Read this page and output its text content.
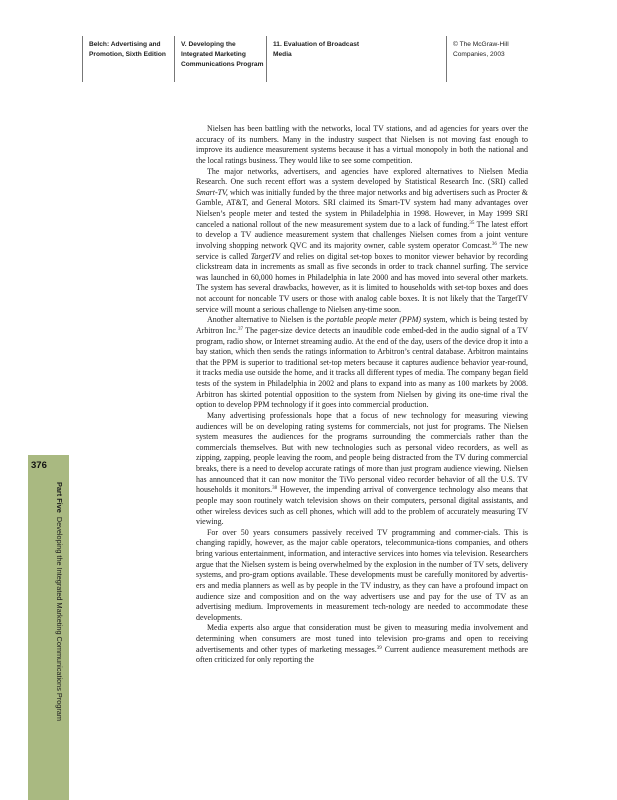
Belch: Advertising and
Promotion, Sixth Edition
V. Developing the
Integrated Marketing
Communications Program
11. Evaluation of Broadcast
Media
© The McGraw-Hill
Companies, 2003
376
Part Five  Developing the Integrated Marketing Communications Program

Nielsen has been battling with the networks, local TV stations, and ad agencies for years over the accuracy of its numbers. Many in the industry suspect that Nielsen is not moving fast enough to improve its audience measurement systems because it has a virtual monopoly in both the national and the local ratings business. They would like to see some competition.

The major networks, advertisers, and agencies have explored alternatives to Nielsen Media Research. One such recent effort was a system developed by Statistical Research Inc. (SRI) called Smart-TV, which was initially funded by the three major networks and big advertisers such as Procter & Gamble, AT&T, and General Motors. SRI claimed its Smart-TV system had many advantages over Nielsen’s people meter and tested the system in Philadelphia in 1998. However, in May 1999 SRI canceled a national rollout of the new measurement system due to a lack of funding.$^{35}$ The latest effort to develop a TV audience measurement system that challenges Nielsen comes from a joint venture involving shopping network QVC and its majority owner, cable system operator Comcast.$^{36}$ The new service is called TargetTV and relies on digital set-top boxes to monitor viewer behavior by recording clickstream data in increments as small as five seconds in order to track channel surfing. The service was launched in 60,000 homes in Philadelphia in late 2000 and has moved into several other markets. The system has several drawbacks, however, as it is limited to households with set-top boxes and does not account for noncable TV users or those with analog cable boxes. It is not likely that the TargetTV service will mount a serious challenge to Nielsen any-time soon.

Another alternative to Nielsen is the portable people meter (PPM) system, which is being tested by Arbitron Inc.$^{37}$ The pager-size device detects an inaudible code embed-ded in the audio signal of a TV program, radio show, or Internet streaming audio. At the end of the day, users of the device drop it into a bay station, which then sends the ratings information to Arbitron’s central database. Arbitron maintains that the PPM is superior to traditional set-top meters because it captures audience behavior year-round, it tracks media use outside the home, and it tracks all different types of media. The company began field tests of the system in Philadelphia in 2002 and plans to expand into as many as 100 markets by 2008. Arbitron has skirted potential opposition to the system from Nielsen by giving its one-time rival the option to develop PPM technology if it goes into commercial production.

Many advertising professionals hope that a focus of new technology for measuring viewing audiences will be on developing rating systems for commercials, not just for programs. The Nielsen system measures the audiences for the programs surrounding the commercials rather than the commercials themselves. But with new technologies such as personal video recorders, as well as zipping, zapping, people leaving the room, and people being distracted from the TV during commercial breaks, there is a need to develop accurate ratings of more than just program audience viewing. Nielsen has announced that it can now monitor the TiVo personal video recorder behavior of all the U.S. TV households it monitors.$^{38}$ However, the impending arrival of convergence technology also means that people may soon routinely watch television shows on their computers, personal digital assistants, and other wireless devices such as cell phones, which will add to the problem of accurately measuring TV viewing.

For over 50 years consumers passively received TV programming and commer-cials. This is changing rapidly, however, as the major cable operators, telecommunica-tions companies, and others bring various entertainment, information, and interactive services into homes via television. Researchers argue that the Nielsen system is being overwhelmed by the explosion in the number of TV sets, delivery systems, and pro-gram options available. These developments must be carefully monitored by advertis-ers and media planners as well as by people in the TV industry, as they can have a profound impact on audience size and composition and on the way advertisers use and pay for the use of TV as an advertising medium. Improvements in measurement tech-nology are needed to accommodate these developments.

Media experts also argue that consideration must be given to measuring media involvement and determining when consumers are most tuned into television pro-grams and open to receiving advertisements and other types of marketing messages.$^{39}$ Current audience measurement methods are often criticized for only reporting the
